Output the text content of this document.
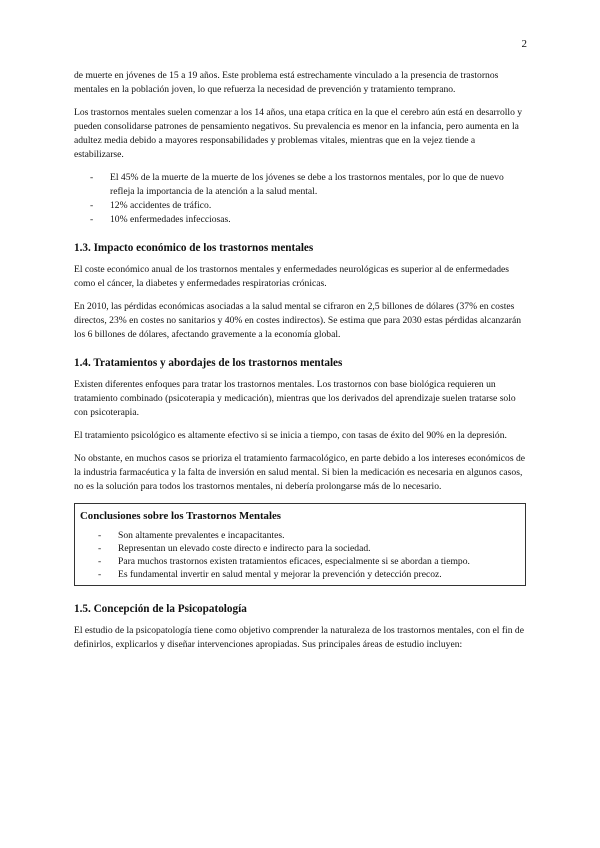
2

de muerte en jóvenes de 15 a 19 años. Este problema está estrechamente vinculado a la presencia de trastornos mentales en la población joven, lo que refuerza la necesidad de prevención y tratamiento temprano.

Los trastornos mentales suelen comenzar a los 14 años, una etapa crítica en la que el cerebro aún está en desarrollo y pueden consolidarse patrones de pensamiento negativos. Su prevalencia es menor en la infancia, pero aumenta en la adultez media debido a mayores responsabilidades y problemas vitales, mientras que en la vejez tiende a estabilizarse.

- El 45% de la muerte de la muerte de los jóvenes se debe a los trastornos mentales, por lo que de nuevo refleja la importancia de la atención a la salud mental.
- 12% accidentes de tráfico.
- 10% enfermedades infecciosas.
1.3. Impacto económico de los trastornos mentales

El coste económico anual de los trastornos mentales y enfermedades neurológicas es superior al de enfermedades como el cáncer, la diabetes y enfermedades respiratorias crónicas.

En 2010, las pérdidas económicas asociadas a la salud mental se cifraron en 2,5 billones de dólares (37% en costes directos, 23% en costes no sanitarios y 40% en costes indirectos). Se estima que para 2030 estas pérdidas alcanzarán los 6 billones de dólares, afectando gravemente a la economía global.

1.4. Tratamientos y abordajes de los trastornos mentales

Existen diferentes enfoques para tratar los trastornos mentales. Los trastornos con base biológica requieren un tratamiento combinado (psicoterapia y medicación), mientras que los derivados del aprendizaje suelen tratarse solo con psicoterapia.

El tratamiento psicológico es altamente efectivo si se inicia a tiempo, con tasas de éxito del 90% en la depresión.

No obstante, en muchos casos se prioriza el tratamiento farmacológico, en parte debido a los intereses económicos de la industria farmacéutica y la falta de inversión en salud mental. Si bien la medicación es necesaria en algunos casos, no es la solución para todos los trastornos mentales, ni debería prolongarse más de lo necesario.

Conclusiones sobre los Trastornos Mentales
- Son altamente prevalentes e incapacitantes.
- Representan un elevado coste directo e indirecto para la sociedad.
- Para muchos trastornos existen tratamientos eficaces, especialmente si se abordan a tiempo.
- Es fundamental invertir en salud mental y mejorar la prevención y detección precoz.
1.5. Concepción de la Psicopatología

El estudio de la psicopatología tiene como objetivo comprender la naturaleza de los trastornos mentales, con el fin de definirlos, explicarlos y diseñar intervenciones apropiadas. Sus principales áreas de estudio incluyen:
